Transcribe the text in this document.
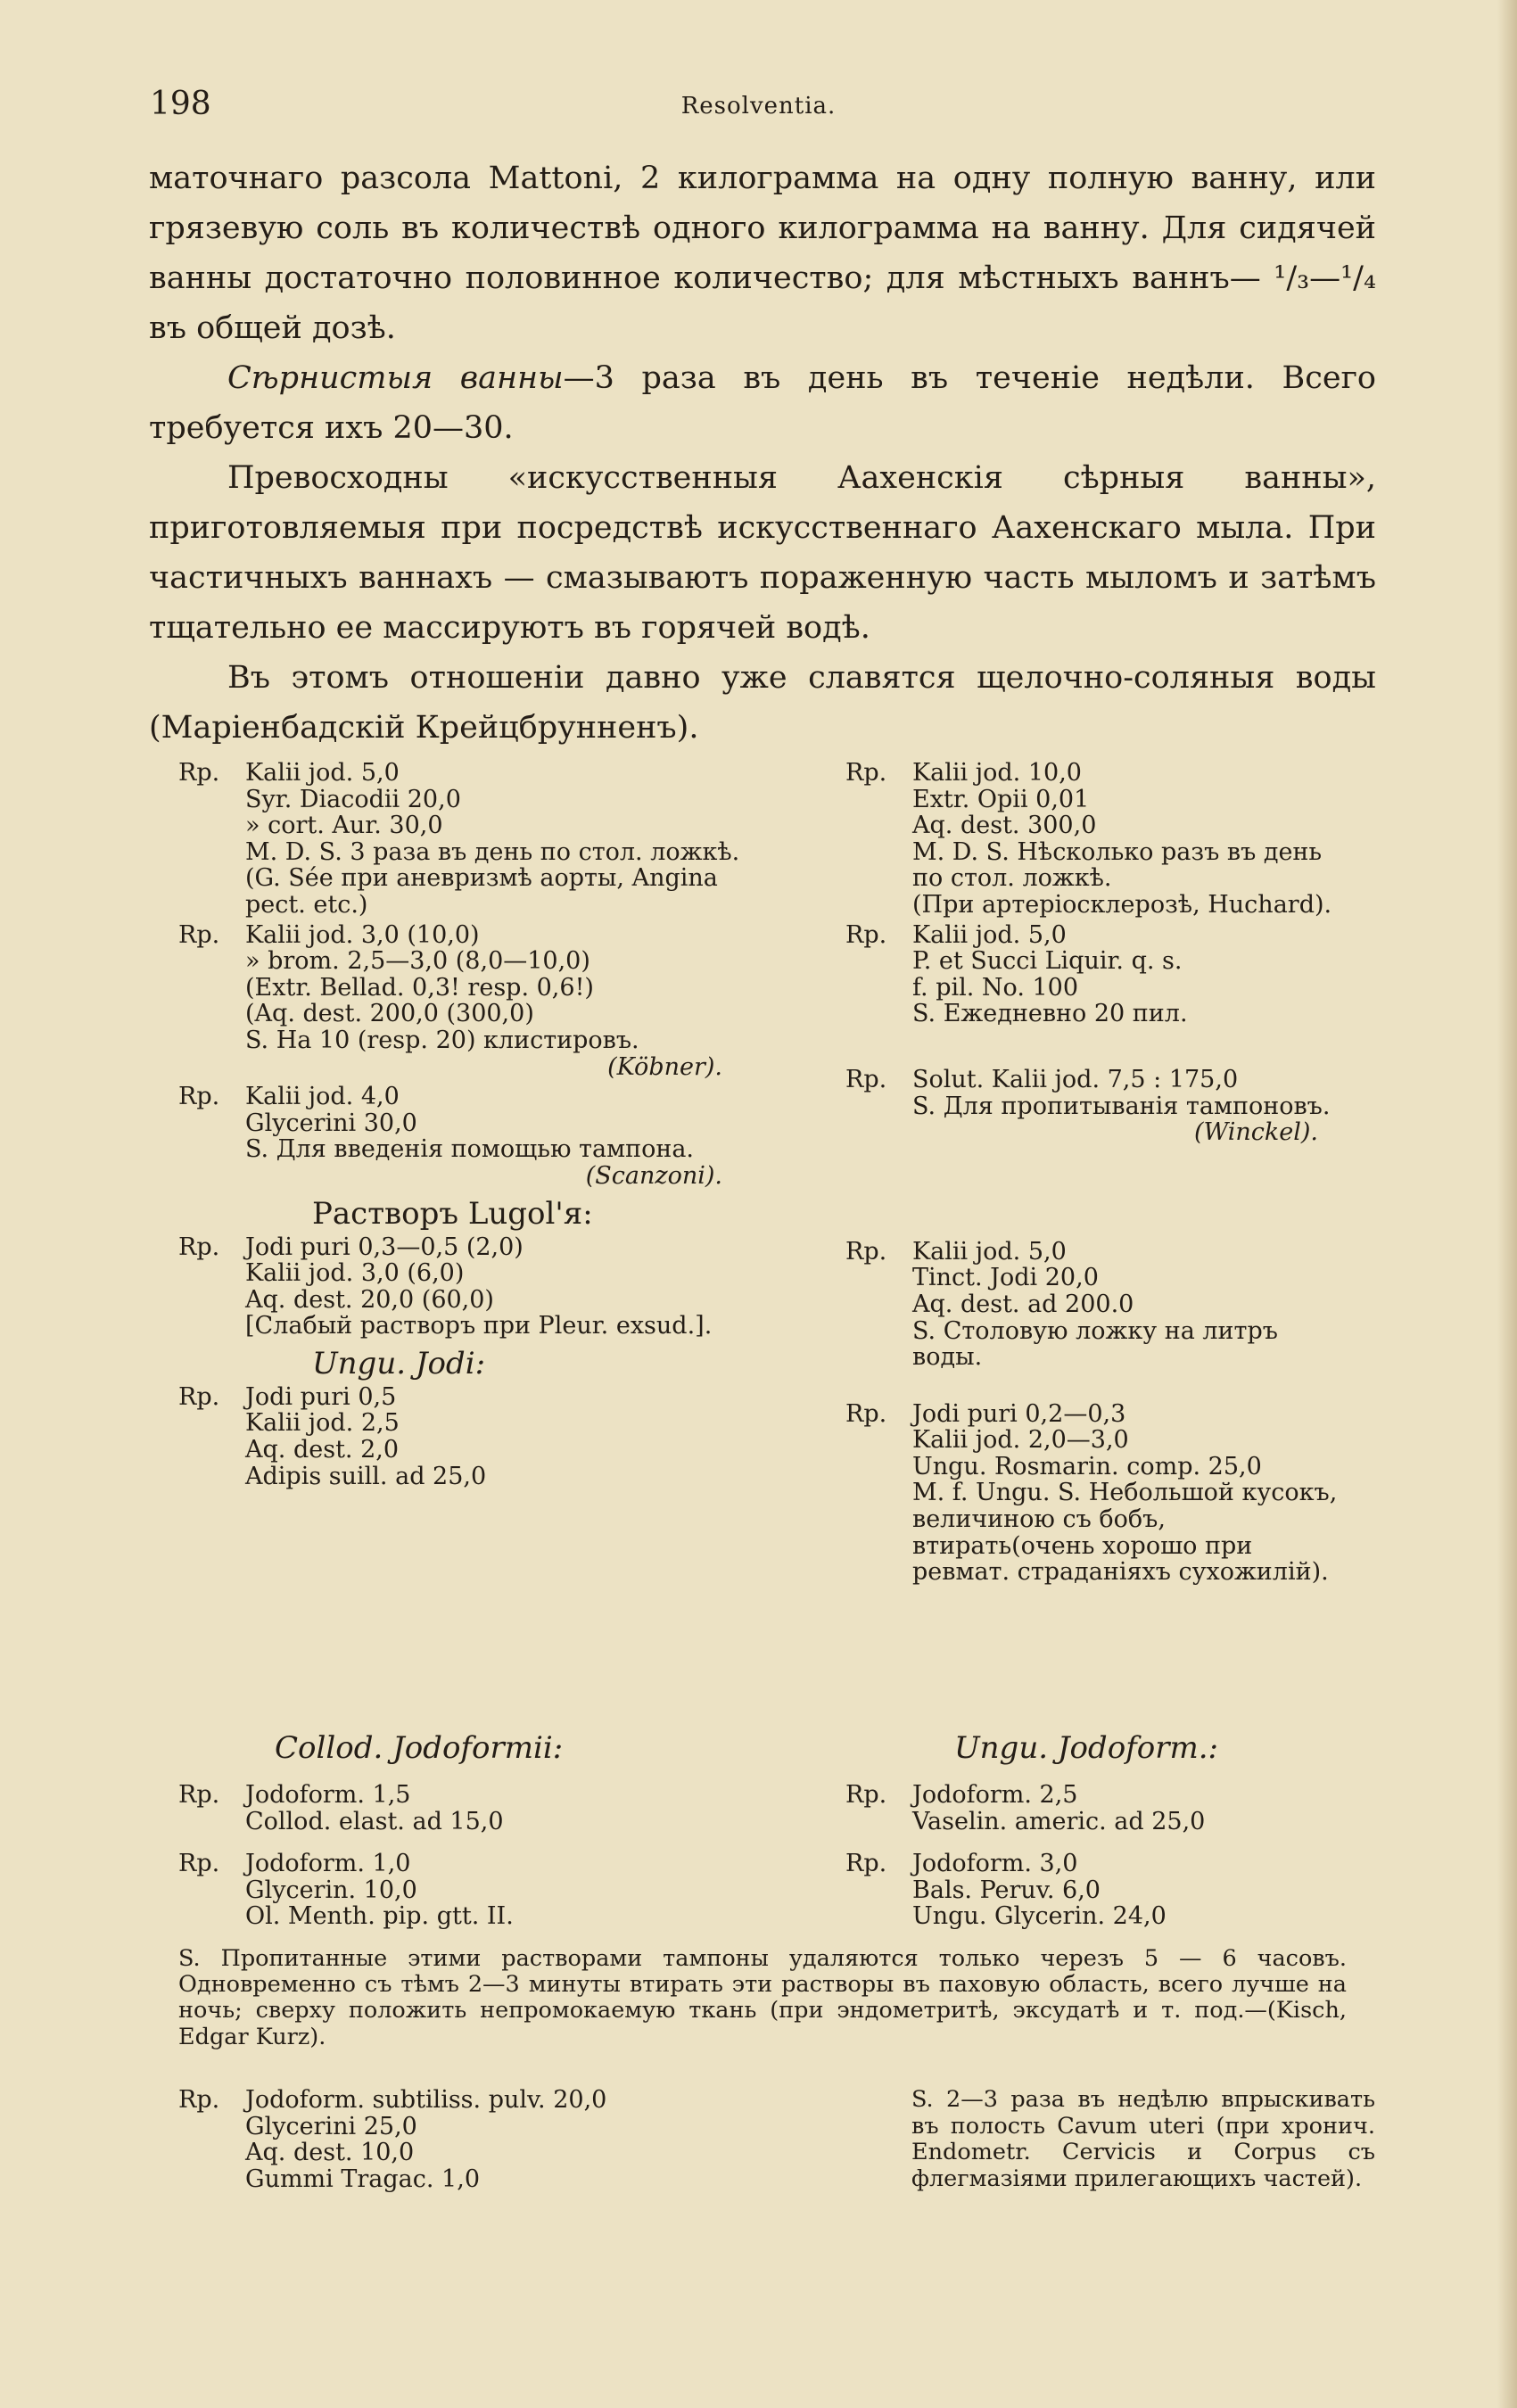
198	Resolventia.

маточнаго разсола Mattoni, 2 килограмма на одну полную ванну, или грязевую соль въ количествѣ одного килограмма на ванну. Для сидячей ванны достаточно половинное количество; для мѣстныхъ ваннъ— ¹/₃—¹/₄ въ общей дозѣ.

Сѣрнистыя ванны—3 раза въ день въ теченіе недѣли. Всего требуется ихъ 20—30.

Превосходны «искусственныя Аахенскія сѣрныя ванны», приготовляемыя при посредствѣ искусственнаго Аахенскаго мыла. При частичныхъ ваннахъ — смазываютъ пораженную часть мыломъ и затѣмъ тщательно ее массируютъ въ горячей водѣ.

Въ этомъ отношеніи давно уже славятся щелочно-соляныя воды (Маріенбадскій Крейцбрунненъ).

Rp. Kalii jod. 5,0
Syr. Diacodii 20,0
» cort. Aur. 30,0
M. D. S. 3 раза въ день по стол. ложкѣ.
(G. Sée при аневризмѣ аорты, Angina pect. etc.)
Rp. Kalii jod. 3,0 (10,0)
» brom. 2,5—3,0 (8,0—10,0)
(Extr. Bellad. 0,3! resp. 0,6!)
(Aq. dest. 200,0 (300,0)
S. На 10 (resp. 20) клистировъ.
(Köbner).
Rp. Kalii jod. 4,0
Glycerini 30,0
S. Для введенія помощью тампона.
(Scanzoni).
Растворъ Lugol'я:
Rp. Jodi puri 0,3—0,5 (2,0)
Kalii jod. 3,0 (6,0)
Aq. dest. 20,0 (60,0)
[Слабый растворъ при Pleur. exsud.].
Ungu. Jodi:
Rp. Jodi puri 0,5
Kalii jod. 2,5
Aq. dest. 2,0
Adipis suill. ad 25,0
Rp. Kalii jod. 10,0
Extr. Opii 0,01
Aq. dest. 300,0
M. D. S. Нѣсколько разъ въ день по стол. ложкѣ.
(При артеріосклерозѣ, Huchard).
Rp. Kalii jod. 5,0
P. et Succi Liquir. q. s.
f. pil. No. 100
S. Ежедневно 20 пил.
Rp. Solut. Kalii jod. 7,5 : 175,0
S. Для пропитыванія тампоновъ.
(Winckel).
Rp. Kalii jod. 5,0
Tinct. Jodi 20,0
Aq. dest. ad 200.0
S. Столовую ложку на литръ воды.
Rp. Jodi puri 0,2—0,3
Kalii jod. 2,0—3,0
Ungu. Rosmarin. comp. 25,0
M. f. Ungu. S. Небольшой кусокъ, величиною съ бобъ, втирать(очень хорошо при ревмат. страданіяхъ сухожилій).
Collod. Jodoformii:	Ungu. Jodoform.:
Rp. Jodoform. 1,5
Collod. elast. ad 15,0
Rp. Jodoform. 1,0
Glycerin. 10,0
Ol. Menth. pip. gtt. II.
Rp. Jodoform. 2,5
Vaselin. americ. ad 25,0
Rp. Jodoform. 3,0
Bals. Peruv. 6,0
Ungu. Glycerin. 24,0
S. Пропитанные этими растворами тампоны удаляются только черезъ 5 — 6 часовъ. Одновременно съ тѣмъ 2—3 минуты втирать эти растворы въ паховую область, всего лучше на ночь; сверху положить непромокаемую ткань (при эндометритѣ, эксудатѣ и т. под.—(Kisch, Edgar Kurz).
Rp. Jodoform. subtiliss. pulv. 20,0
Glycerini 25,0
Aq. dest. 10,0
Gummi Tragac. 1,0
S. 2—3 раза въ недѣлю впрыскивать въ полость Cavum uteri (при хронич. Endometr. Cervicis и Corpus съ флегмазіями прилегающихъ частей).
